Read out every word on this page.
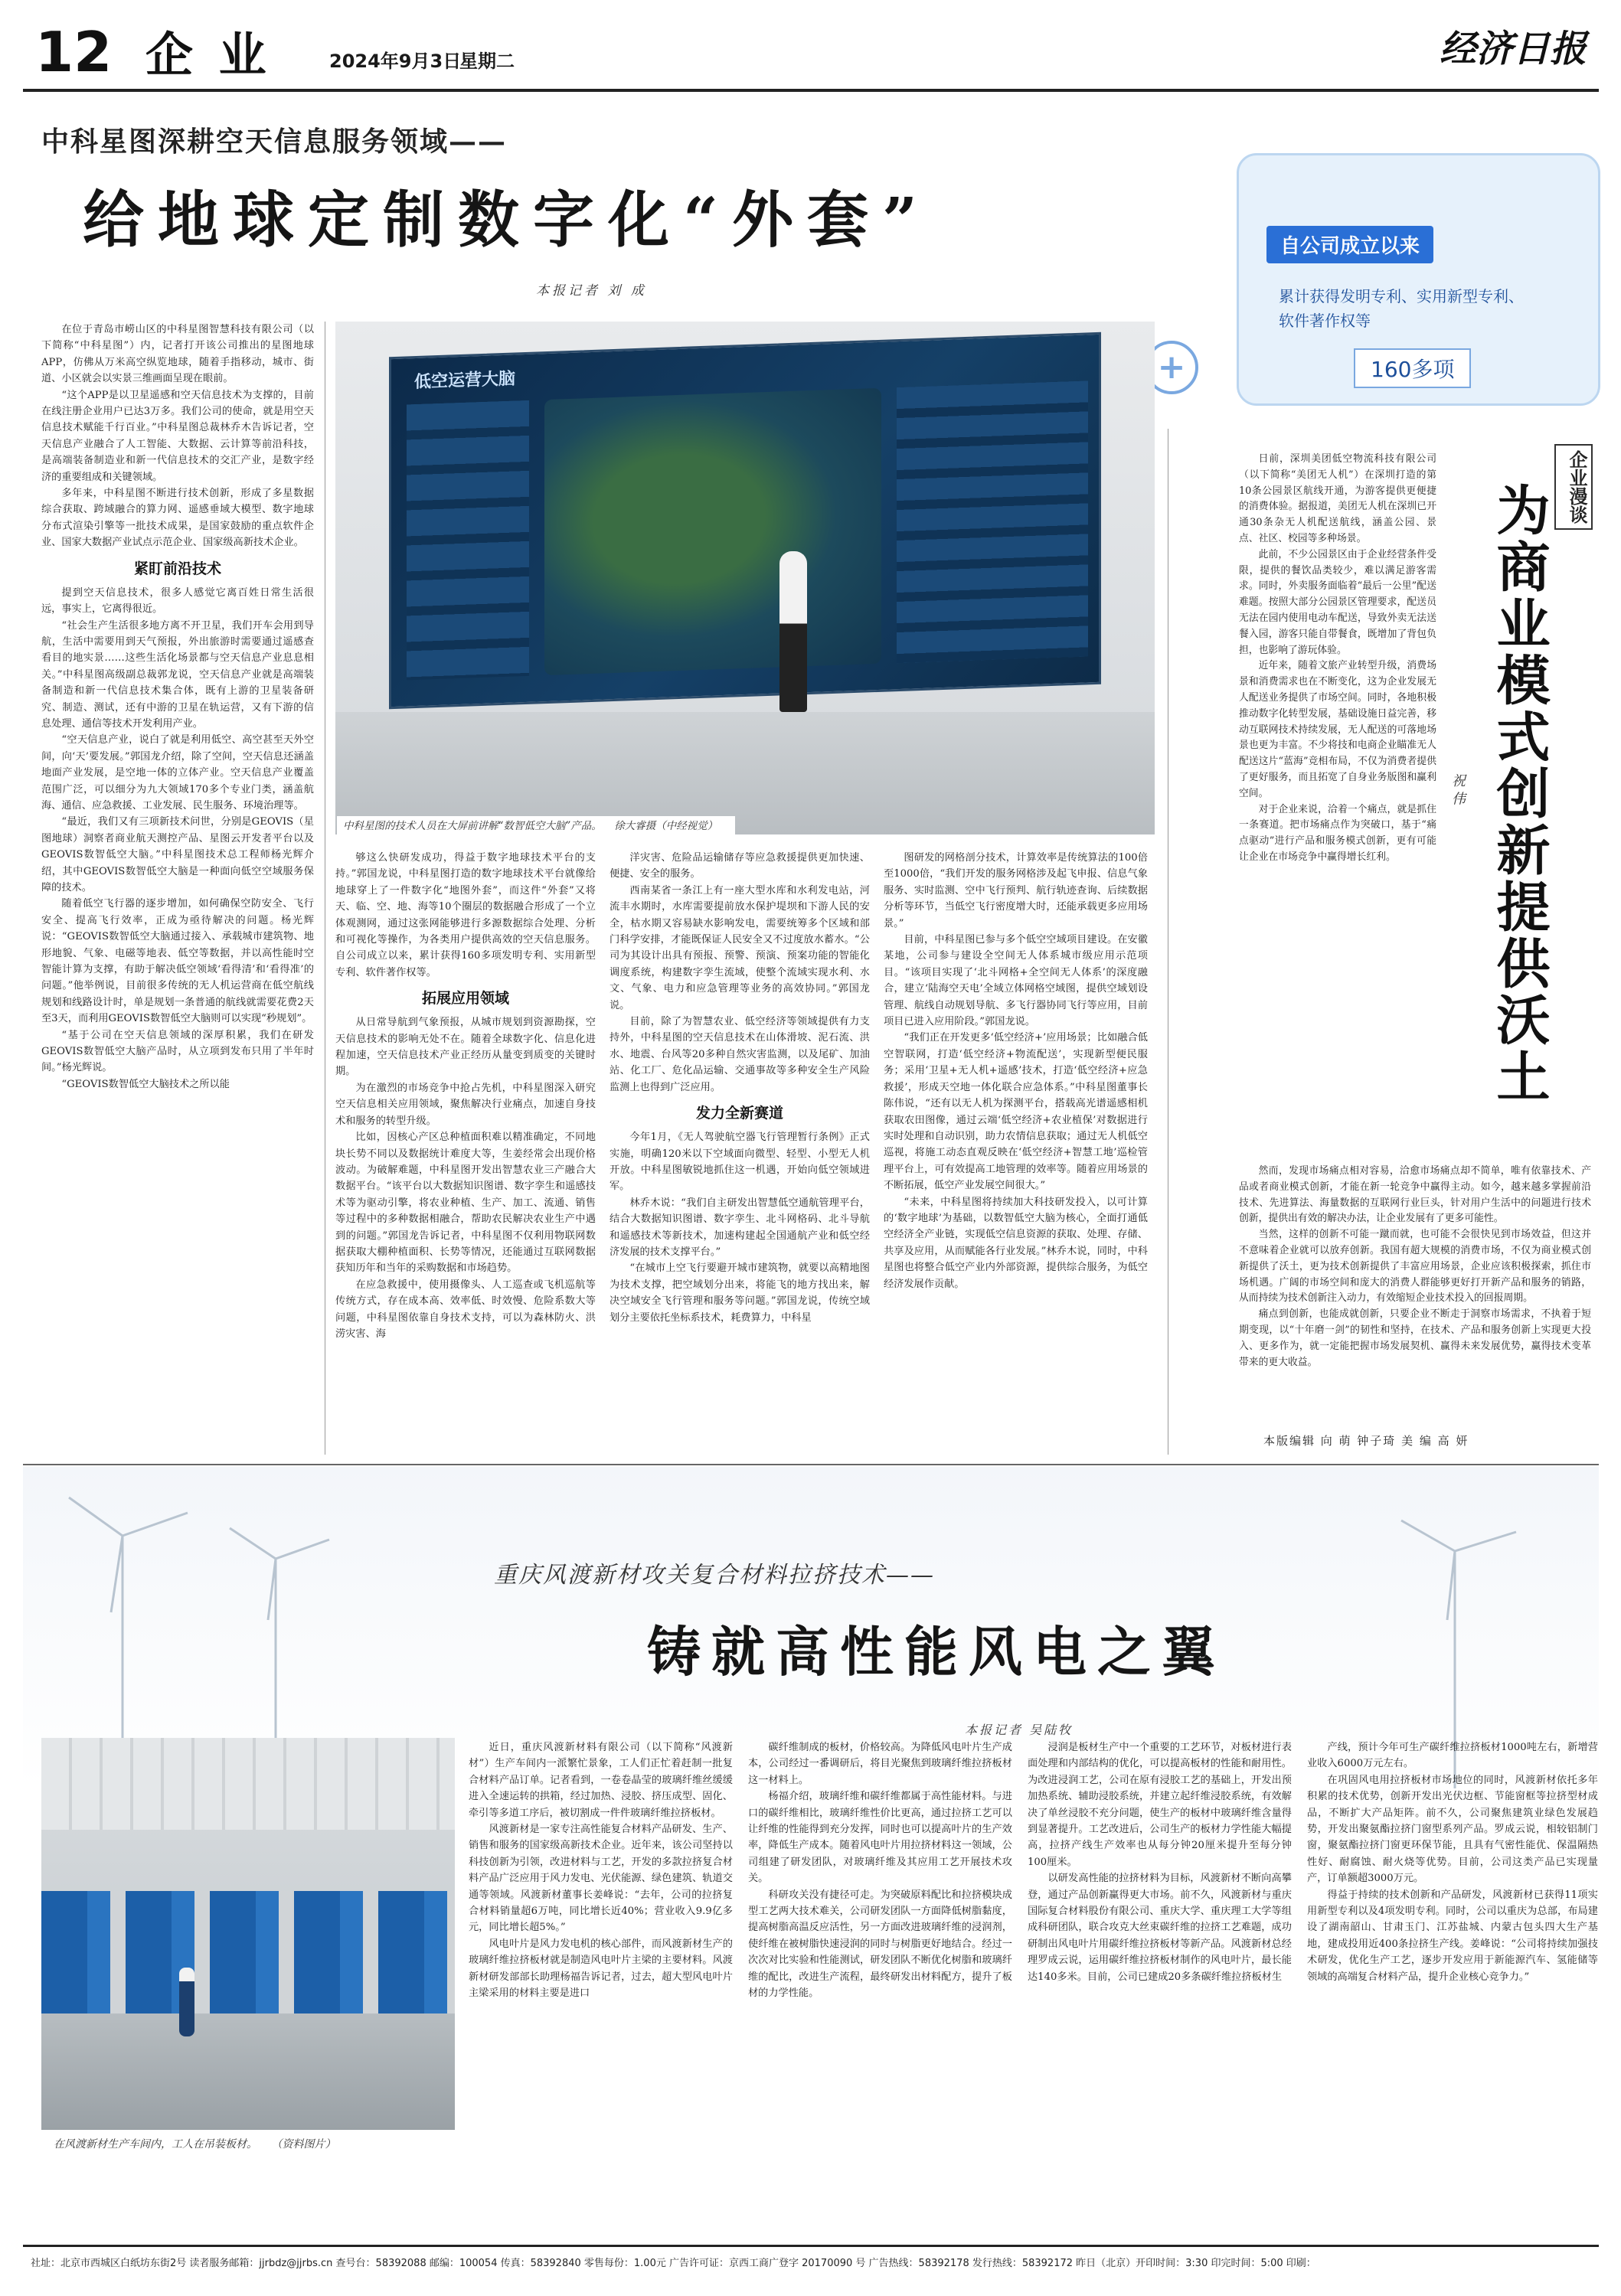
12 企 业	2024年9月3日
星期二	经济日报
中科星图深耕空天信息服务领域——
给地球定制数字化“外套”
本报记者 刘 成
自公司成立以来
累计获得发明专利、实用新型专利、
软件著作权等
160多项
+
低空运营大脑
中科星图的技术人员在大屏前讲解“数智低空大脑”产品。 徐大睿摄（中经视觉）

在位于青岛市崂山区的中科星图智慧科技有限公司（以下简称“中科星图”）内，记者打开该公司推出的星图地球APP，仿佛从万米高空纵览地球，随着手指移动，城市、街道、小区就会以实景三维画面呈现在眼前。

“这个APP是以卫星遥感和空天信息技术为支撑的，目前在线注册企业用户已达3万多。我们公司的使命，就是用空天信息技术赋能千行百业。”中科星图总裁林乔木告诉记者，空天信息产业融合了人工智能、大数据、云计算等前沿科技，是高端装备制造业和新一代信息技术的交汇产业，是数字经济的重要组成和关键领域。

多年来，中科星图不断进行技术创新，形成了多星数据综合获取、跨域融合的算力网、遥感垂域大模型、数字地球分布式渲染引擎等一批技术成果，是国家鼓励的重点软件企业、国家大数据产业试点示范企业、国家级高新技术企业。

紧盯前沿技术

提到空天信息技术，很多人感觉它离百姓日常生活很远，事实上，它离得很近。

“社会生产生活很多地方离不开卫星，我们开车会用到导航，生活中需要用到天气预报，外出旅游时需要通过遥感查看目的地实景……这些生活化场景都与空天信息产业息息相关。”中科星图高级副总裁郭龙说，空天信息产业就是高端装备制造和新一代信息技术集合体，既有上游的卫星装备研究、制造、测试，还有中游的卫星在轨运营，又有下游的信息处理、通信等技术开发利用产业。

“空天信息产业，说白了就是利用低空、高空甚至天外空间，向‘天’要发展。”郭国龙介绍，除了空间，空天信息还涵盖地面产业发展，是空地一体的立体产业。空天信息产业覆盖范围广泛，可以细分为九大领域170多个专业门类，涵盖航海、通信、应急救援、工业发展、民生服务、环境治理等。

“最近，我们又有三项新技术问世，分别是GEOVIS（星图地球）洞察者商业航天测控产品、星图云开发者平台以及GEOVIS数智低空大脑。”中科星图技术总工程师杨光辉介绍，其中GEOVIS数智低空大脑是一种面向低空空域服务保障的技术。

随着低空飞行器的逐步增加，如何确保空防安全、飞行安全、提高飞行效率，正成为亟待解决的问题。杨光辉说：“GEOVIS数智低空大脑通过接入、承载城市建筑物、地形地貌、气象、电磁等地表、低空等数据，并以高性能时空智能计算为支撑，有助于解决低空领域‘看得清’和‘看得准’的问题。”他举例说，目前很多传统的无人机运营商在低空航线规划和线路设计时，单是规划一条普通的航线就需要花费2天至3天，而利用GEOVIS数智低空大脑则可以实现“秒规划”。

“基于公司在空天信息领域的深厚积累，我们在研发GEOVIS数智低空大脑产品时，从立项到发布只用了半年时间。”杨光辉说。

“GEOVIS数智低空大脑技术之所以能

够这么快研发成功，得益于数字地球技术平台的支持。”郭国龙说，中科星图打造的数字地球技术平台就像给地球穿上了一件数字化“地图外套”，而这件“外套”又将天、临、空、地、海等10个圈层的数据融合形成了一个立体观测网，通过这张网能够进行多源数据综合处理、分析和可视化等操作，为各类用户提供高效的空天信息服务。自公司成立以来，累计获得160多项发明专利、实用新型专利、软件著作权等。

拓展应用领域

从日常导航到气象预报，从城市规划到资源勘探，空天信息技术的影响无处不在。随着全球数字化、信息化进程加速，空天信息技术产业正经历从量变到质变的关键时期。

为在激烈的市场竞争中抢占先机，中科星图深入研究空天信息相关应用领域，聚焦解决行业痛点，加速自身技术和服务的转型升级。

比如，因核心产区总种植面积难以精准确定，不同地块长势不同以及数据统计难度大等，生姜经常会出现价格波动。为破解难题，中科星图开发出智慧农业三产融合大数据平台。“该平台以大数据知识图谱、数字孪生和遥感技术等为驱动引擎，将农业种植、生产、加工、流通、销售等过程中的多种数据相融合，帮助农民解决农业生产中遇到的问题。”郭国龙告诉记者，中科星图不仅利用物联网数据获取大棚种植面积、长势等情况，还能通过互联网数据获知历年和当年的采购数据和市场趋势。

在应急救援中，使用摄像头、人工巡查或飞机巡航等传统方式，存在成本高、效率低、时效慢、危险系数大等问题，中科星图依靠自身技术支持，可以为森林防火、洪涝灾害、海

洋灾害、危险品运输储存等应急救援提供更加快速、便捷、安全的服务。

西南某省一条江上有一座大型水库和水利发电站，河流丰水期时，水库需要提前放水保护堤坝和下游人民的安全，枯水期又容易缺水影响发电，需要统筹多个区域和部门科学安排，才能既保证人民安全又不过度放水蓄水。“公司为其设计出具有预报、预警、预演、预案功能的智能化调度系统，构建数字孪生流域，使整个流域实现水利、水文、气象、电力和应急管理等业务的高效协同。”郭国龙说。

目前，除了为智慧农业、低空经济等领域提供有力支持外，中科星图的空天信息技术在山体滑坡、泥石流、洪水、地震、台风等20多种自然灾害监测，以及尾矿、加油站、化工厂、危化品运输、交通事故等多种安全生产风险监测上也得到广泛应用。

发力全新赛道

今年1月，《无人驾驶航空器飞行管理暂行条例》正式实施，明确120米以下空域面向微型、轻型、小型无人机开放。中科星图敏锐地抓住这一机遇，开始向低空领域进军。

林乔木说：“我们自主研发出智慧低空通航管理平台，结合大数据知识图谱、数字孪生、北斗网格码、北斗导航和遥感技术等新技术，加速构建起全国通航产业和低空经济发展的技术支撑平台。”

“在城市上空飞行要避开城市建筑物，就要以高精地图为技术支撑，把空域划分出来，将能飞的地方找出来，解决空域安全飞行管理和服务等问题。”郭国龙说，传统空域划分主要依托坐标系技术，耗费算力，中科星

图研发的网格剖分技术，计算效率是传统算法的100倍至1000倍，“我们开发的服务网格涉及起飞申报、信息气象服务、实时监测、空中飞行预判、航行轨迹查询、后续数据分析等环节，当低空飞行密度增大时，还能承载更多应用场景。”

目前，中科星图已参与多个低空空域项目建设。在安徽某地，公司参与建设全空间无人体系城市级应用示范项目。“该项目实现了‘北斗网格+全空间无人体系’的深度融合，建立‘陆海空天电’全域立体网格空域图，提供空域划设管理、航线自动规划导航、多飞行器协同飞行等应用，目前项目已进入应用阶段。”郭国龙说。

“我们正在开发更多‘低空经济+’应用场景；比如融合低空智联网，打造‘低空经济+物流配送’，实现新型便民服务；采用‘卫星+无人机+遥感’技术，打造‘低空经济+应急救援’，形成天空地一体化联合应急体系。”中科星图董事长陈伟说，“还有以无人机为探测平台，搭载高光谱遥感相机获取农田图像，通过云端‘低空经济+农业植保’对数据进行实时处理和自动识别，助力农情信息获取；通过无人机低空巡视，将施工动态直观反映在‘低空经济+智慧工地’巡检管理平台上，可有效提高工地管理的效率等。随着应用场景的不断拓展，低空产业发展空间很大。”

“未来，中科星图将持续加大科技研发投入，以可计算的‘数字地球’为基础，以数智低空大脑为核心，全面打通低空经济全产业链，实现低空信息资源的获取、处理、存储、共享及应用，从而赋能各行业发展。”林乔木说，同时，中科星图也将整合低空产业内外部资源，提供综合服务，为低空经济发展作贡献。

企业漫谈
为商业模式创新提供沃土
祝 伟

日前，深圳美团低空物流科技有限公司（以下简称“美团无人机”）在深圳打造的第10条公园景区航线开通，为游客提供更便捷的消费体验。据报道，美团无人机在深圳已开通30条杂无人机配送航线，涵盖公园、景点、社区、校园等多种场景。

此前，不少公园景区由于企业经营条件受限，提供的餐饮品类较少，难以满足游客需求。同时，外卖服务面临着“最后一公里”配送难题。按照大部分公园景区管理要求，配送员无法在园内使用电动车配送，导致外卖无法送餐入园，游客只能自带餐食，既增加了背包负担，也影响了游玩体验。

近年来，随着文旅产业转型升级，消费场景和消费需求也在不断变化，这为企业发展无人配送业务提供了市场空间。同时，各地积极推动数字化转型发展，基础设施日益完善，移动互联网技术持续发展，无人配送的可落地场景也更为丰富。不少将技和电商企业瞄准无人配送这片“蓝海”竞相布局，不仅为消费者提供了更好服务，而且拓宽了自身业务版图和赢利空间。

对于企业来说，洽着一个痛点，就是抓住一条赛道。把市场痛点作为突破口，基于“痛点驱动”进行产品和服务模式创新，更有可能让企业在市场竞争中赢得增长红利。

然而，发现市场痛点相对容易，洽愈市场痛点却不简单，唯有依靠技术、产品或者商业模式创新，才能在新一轮竞争中赢得主动。如今，越来越多掌握前沿技术、先进算法、海量数据的互联网行业巨头，针对用户生活中的问题进行技术创新，提供出有效的解决办法，让企业发展有了更多可能性。

当然，这样的创新不可能一蹴而就，也可能不会很快见到市场效益，但这并不意味着企业就可以放弃创新。我国有超大规模的消费市场，不仅为商业模式创新提供了沃土，更为技术创新提供了丰富应用场景，企业应该积极探索，抓住市场机遇。广阔的市场空间和庞大的消费人群能够更好打开新产品和服务的销路，从而持续为技术创新注入动力，有效缩短企业技术投入的回报周期。

痛点到创新，也能成就创新，只要企业不断走于洞察市场需求，不执着于短期变现，以“十年磨一剑”的韧性和坚持，在技术、产品和服务创新上实现更大投入、更多作为，就一定能把握市场发展契机、赢得未来发展优势，赢得技术变革带来的更大收益。

本版编辑 向 萌 钟子琦 美 编 高 妍
重庆风渡新材攻关复合材料拉挤技术——
铸就高性能风电之翼
本报记者 吴陆牧
在风渡新材生产车间内，工人在吊装板材。 （资料图片）

近日，重庆风渡新材料有限公司（以下简称“风渡新材”）生产车间内一派繁忙景象，工人们正忙着赶制一批复合材料产品订单。记者看到，一卷卷晶莹的玻璃纤维丝缓缓进入全速运转的拱箱，经过加热、浸胶、挤压成型、固化、牵引等多道工序后，被切割成一件件玻璃纤维拉挤板材。

风渡新材是一家专注高性能复合材料产品研发、生产、销售和服务的国家级高新技术企业。近年来，该公司坚持以科技创新为引领，改进材料与工艺，开发的多款拉挤复合材料产品广泛应用于风力发电、光伏能源、绿色建筑、轨道交通等领域。风渡新材董事长姜峰说：“去年，公司的拉挤复合材料销量超6万吨，同比增长近40%；营业收入9.9亿多元，同比增长超5%。”

风电叶片是风力发电机的核心部件，而风渡新材生产的玻璃纤维拉挤板材就是制造风电叶片主梁的主要材料。风渡新材研发部部长助理杨福告诉记者，过去，超大型风电叶片主梁采用的材料主要是进口

碳纤维制成的板材，价格较高。为降低风电叶片生产成本，公司经过一番调研后，将目光聚焦到玻璃纤维拉挤板材这一材料上。

杨福介绍，玻璃纤维和碳纤维都属于高性能材料。与进口的碳纤维相比，玻璃纤维性价比更高，通过拉挤工艺可以让纤维的性能得到充分发挥，同时也可以提高叶片的生产效率，降低生产成本。随着风电叶片用拉挤材料这一领域，公司组建了研发团队，对玻璃纤维及其应用工艺开展技术攻关。

科研攻关没有捷径可走。为突破原料配比和拉挤模块成型工艺两大技术难关，公司研发团队一方面降低树脂黏度，提高树脂高温反应活性，另一方面改进玻璃纤维的浸润剂，使纤维在被树脂快速浸润的同时与树脂更好地结合。经过一次次对比实验和性能测试，研发团队不断优化树脂和玻璃纤维的配比，改进生产流程，最终研发出材料配方，提升了板材的力学性能。

浸润是板材生产中一个重要的工艺环节，对板材进行表面处理和内部结构的优化，可以提高板材的性能和耐用性。为改进浸润工艺，公司在原有浸胶工艺的基础上，开发出预加热系统、辅助浸胶系统，并建立起纤维浸胶系统，有效解决了单丝浸胶不充分问题，使生产的板材中玻璃纤维含量得到显著提升。工艺改进后，公司生产的板材力学性能大幅提高，拉挤产线生产效率也从每分钟20厘米提升至每分钟100厘米。

以研发高性能的拉挤材料为目标，风渡新材不断向高攀登，通过产品创新赢得更大市场。前不久，风渡新材与重庆国际复合材料股份有限公司、重庆大学、重庆理工大学等组成科研团队，联合攻克大丝束碳纤维的拉挤工艺难题，成功研制出风电叶片用碳纤维拉挤板材等新产品。风渡新材总经理罗成云说，运用碳纤维拉挤板材制作的风电叶片，最长能达140多米。目前，公司已建成20多条碳纤维拉挤板材生

产线，预计今年可生产碳纤维拉挤板材1000吨左右，新增营业收入6000万元左右。

在巩固风电用拉挤板材市场地位的同时，风渡新材依托多年积累的技术优势，创新开发出光伏边框、节能窗框等拉挤型材成品，不断扩大产品矩阵。前不久，公司聚焦建筑业绿色发展趋势，开发出聚氨酯拉挤门窗型系列产品。罗成云说，相较铝制门窗，聚氨酯拉挤门窗更环保节能，且具有气密性能优、保温隔热性好、耐腐蚀、耐火烧等优势。目前，公司这类产品已实现量产，订单额超3000万元。

得益于持续的技术创新和产品研发，风渡新材已获得11项实用新型专利以及4项发明专利。同时，公司以重庆为总部，布局建设了湖南韶山、甘肃玉门、江苏盐城、内蒙古包头四大生产基地，建成投用近400条拉挤生产线。姜峰说：“公司将持续加强技术研发，优化生产工艺，逐步开发应用于新能源汽车、氢能储等领域的高端复合材料产品，提升企业核心竞争力。”

社址：北京市西城区白纸坊东街2号 读者服务邮箱：jjrbdz@jjrbs.cn 查号台：58392088 邮编：100054 传真：58392840 零售每份：1.00元 广告许可证：京西工商广登字 20170090 号 广告热线：58392178 发行热线：58392172 昨日（北京）开印时间：3:30 印完时间：5:00 印刷：
